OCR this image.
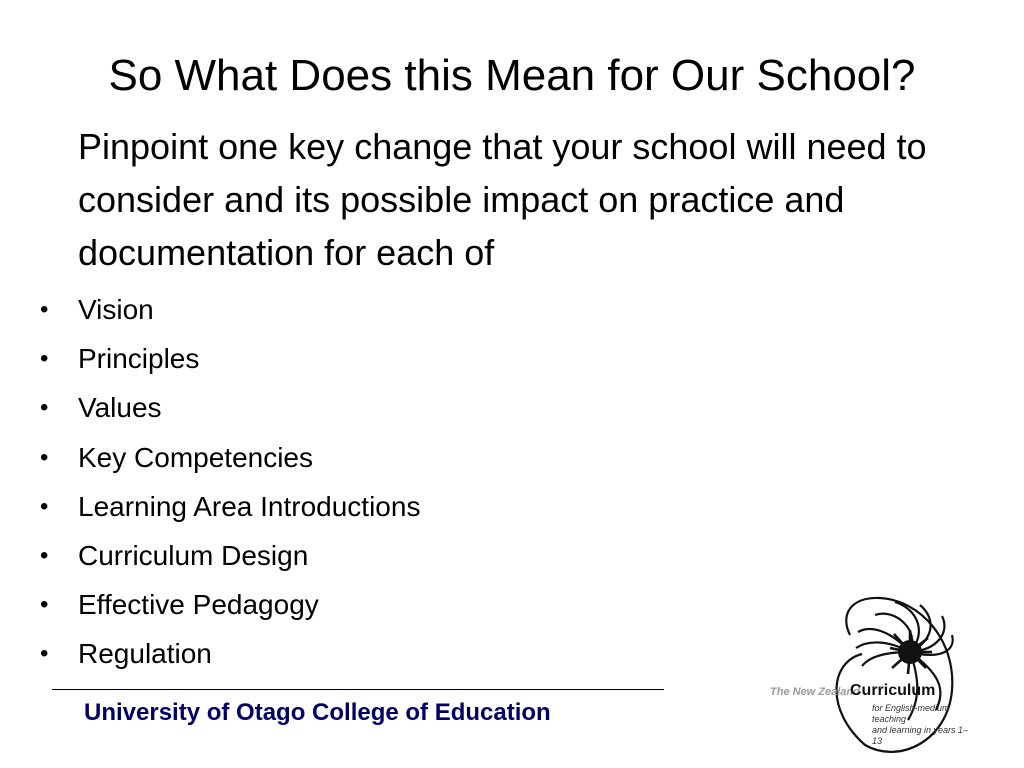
So What Does this Mean for Our School?
Pinpoint one key change that your school will need to consider and its possible impact on practice and documentation for each of
• Vision
• Principles
• Values
• Key Competencies
• Learning Area Introductions
• Curriculum Design
• Effective Pedagogy
• Regulation
University of Otago College of Education
The New Zealand
Curriculum
for English-medium teaching
and learning in years 1–13
